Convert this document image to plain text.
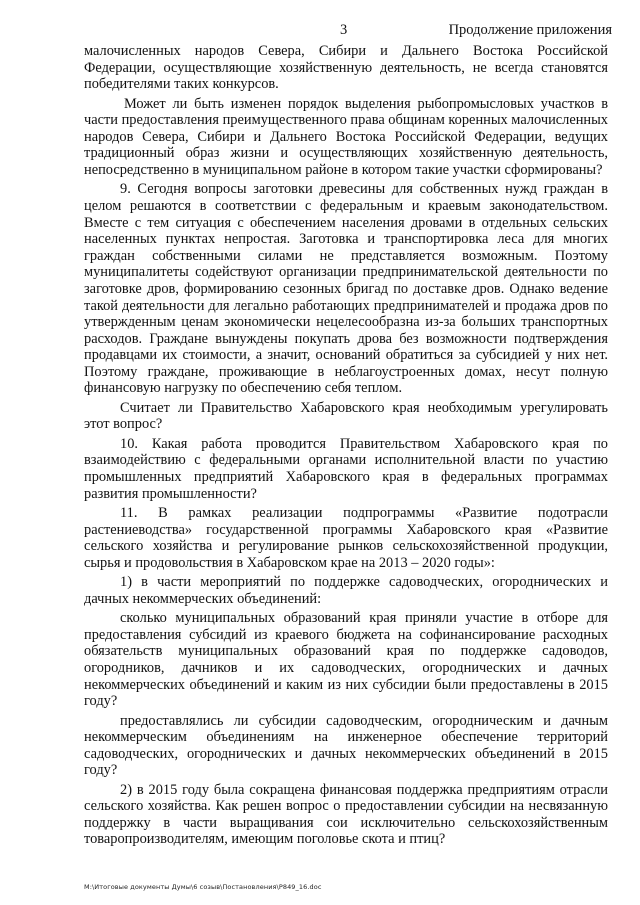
3	Продолжение приложения

малочисленных народов Севера, Сибири и Дальнего Востока Российской Федерации, осуществляющие хозяйственную деятельность, не всегда становятся победителями таких конкурсов.

Может ли быть изменен порядок выделения рыбопромысловых участков в части предоставления преимущественного права общинам коренных малочисленных народов Севера, Сибири и Дальнего Востока Российской Федерации, ведущих традиционный образ жизни и осуществляющих хозяйственную деятельность, непосредственно в муниципальном районе в котором такие участки сформированы?

9. Сегодня вопросы заготовки древесины для собственных нужд граждан в целом решаются в соответствии с федеральным и краевым законодательством. Вместе с тем ситуация с обеспечением населения дровами в отдельных сельских населенных пунктах непростая. Заготовка и транспортировка леса для многих граждан собственными силами не представляется возможным. Поэтому муниципалитеты содействуют организации предпринимательской деятельности по заготовке дров, формированию сезонных бригад по доставке дров. Однако ведение такой деятельности для легально работающих предпринимателей и продажа дров по утвержденным ценам экономически нецелесообразна из-за больших транспортных расходов. Граждане вынуждены покупать дрова без возможности подтверждения продавцами их стоимости, а значит, оснований обратиться за субсидией у них нет. Поэтому граждане, проживающие в неблагоустроенных домах, несут полную финансовую нагрузку по обеспечению себя теплом.

Считает ли Правительство Хабаровского края необходимым урегулировать этот вопрос?

10. Какая работа проводится Правительством Хабаровского края по взаимодействию с федеральными органами исполнительной власти по участию промышленных предприятий Хабаровского края в федеральных программах развития промышленности?

11. В рамках реализации подпрограммы «Развитие подотрасли растениеводства» государственной программы Хабаровского края «Развитие сельского хозяйства и регулирование рынков сельскохозяйственной продукции, сырья и продовольствия в Хабаровском крае на 2013 – 2020 годы»:

1) в части мероприятий по поддержке садоводческих, огороднических и дачных некоммерческих объединений:

сколько муниципальных образований края приняли участие в отборе для предоставления субсидий из краевого бюджета на софинансирование расходных обязательств муниципальных образований края по поддержке садоводов, огородников, дачников и их садоводческих, огороднических и дачных некоммерческих объединений и каким из них субсидии были предоставлены в 2015 году?

предоставлялись ли субсидии садоводческим, огородническим и дачным некоммерческим объединениям на инженерное обеспечение территорий садоводческих, огороднических и дачных некоммерческих объединений в 2015 году?

2) в 2015 году была сокращена финансовая поддержка предприятиям отрасли сельского хозяйства. Как решен вопрос о предоставлении субсидии на несвязанную поддержку в части выращивания сои исключительно сельскохозяйственным товаропроизводителям, имеющим поголовье скота и птиц?

M:\Итоговые документы Думы\6 созыв\Постановления\P849_16.doc
